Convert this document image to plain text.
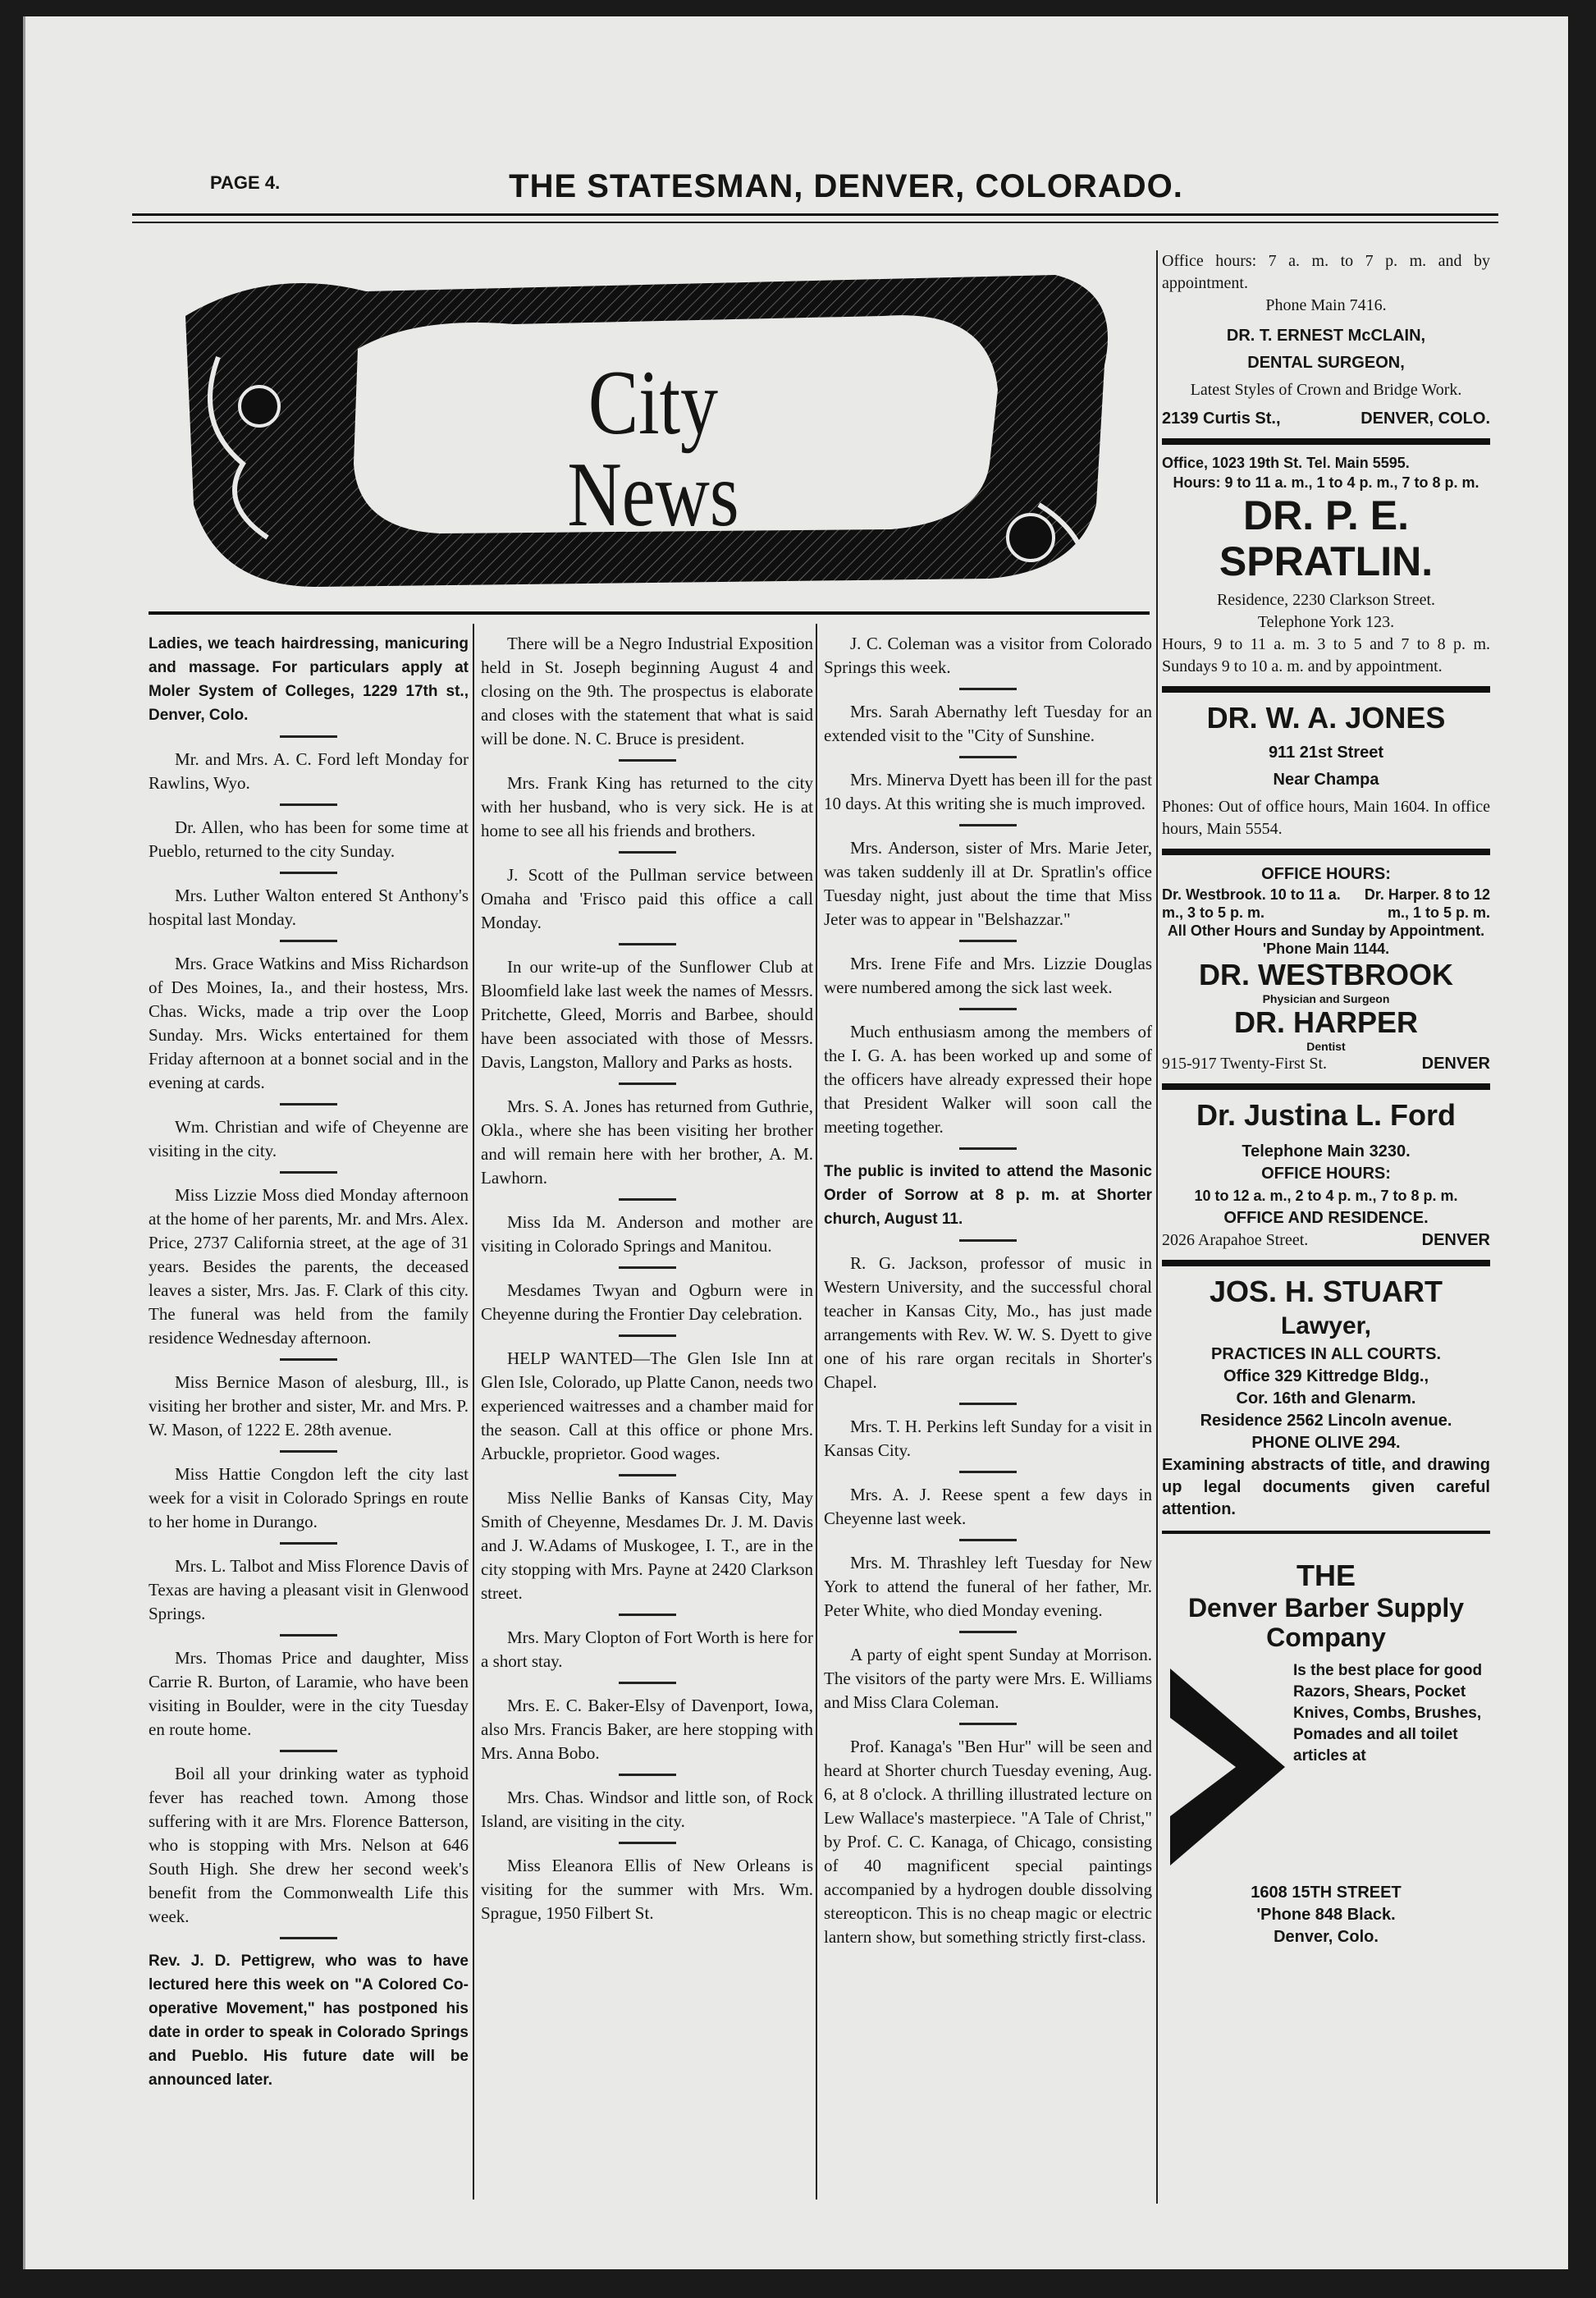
PAGE 4.	THE STATESMAN, DENVER, COLORADO.
City News

Ladies, we teach hairdressing, manicuring and massage. For particulars apply at Moler System of Colleges, 1229 17th st., Denver, Colo.

Mr. and Mrs. A. C. Ford left Monday for Rawlins, Wyo.

Dr. Allen, who has been for some time at Pueblo, returned to the city Sunday.

Mrs. Luther Walton entered St Anthony's hospital last Monday.

Mrs. Grace Watkins and Miss Richardson of Des Moines, Ia., and their hostess, Mrs. Chas. Wicks, made a trip over the Loop Sunday. Mrs. Wicks entertained for them Friday afternoon at a bonnet social and in the evening at cards.

Wm. Christian and wife of Cheyenne are visiting in the city.

Miss Lizzie Moss died Monday afternoon at the home of her parents, Mr. and Mrs. Alex. Price, 2737 California street, at the age of 31 years. Besides the parents, the deceased leaves a sister, Mrs. Jas. F. Clark of this city. The funeral was held from the family residence Wednesday afternoon.

Miss Bernice Mason of alesburg, Ill., is visiting her brother and sister, Mr. and Mrs. P. W. Mason, of 1222 E. 28th avenue.

Miss Hattie Congdon left the city last week for a visit in Colorado Springs en route to her home in Durango.

Mrs. L. Talbot and Miss Florence Davis of Texas are having a pleasant visit in Glenwood Springs.

Mrs. Thomas Price and daughter, Miss Carrie R. Burton, of Laramie, who have been visiting in Boulder, were in the city Tuesday en route home.

Boil all your drinking water as typhoid fever has reached town. Among those suffering with it are Mrs. Florence Batterson, who is stopping with Mrs. Nelson at 646 South High. She drew her second week's benefit from the Commonwealth Life this week.

Rev. J. D. Pettigrew, who was to have lectured here this week on "A Colored Co-operative Movement," has postponed his date in order to speak in Colorado Springs and Pueblo. His future date will be announced later.

There will be a Negro Industrial Exposition held in St. Joseph beginning August 4 and closing on the 9th. The prospectus is elaborate and closes with the statement that what is said will be done. N. C. Bruce is president.

Mrs. Frank King has returned to the city with her husband, who is very sick. He is at home to see all his friends and brothers.

J. Scott of the Pullman service between Omaha and 'Frisco paid this office a call Monday.

In our write-up of the Sunflower Club at Bloomfield lake last week the names of Messrs. Pritchette, Gleed, Morris and Barbee, should have been associated with those of Messrs. Davis, Langston, Mallory and Parks as hosts.

Mrs. S. A. Jones has returned from Guthrie, Okla., where she has been visiting her brother and will remain here with her brother, A. M. Lawhorn.

Miss Ida M. Anderson and mother are visiting in Colorado Springs and Manitou.

Mesdames Twyan and Ogburn were in Cheyenne during the Frontier Day celebration.

HELP WANTED—The Glen Isle Inn at Glen Isle, Colorado, up Platte Canon, needs two experienced waitresses and a chamber maid for the season. Call at this office or phone Mrs. Arbuckle, proprietor. Good wages.

Miss Nellie Banks of Kansas City, May Smith of Cheyenne, Mesdames Dr. J. M. Davis and J. W.Adams of Muskogee, I. T., are in the city stopping with Mrs. Payne at 2420 Clarkson street.

Mrs. Mary Clopton of Fort Worth is here for a short stay.

Mrs. E. C. Baker-Elsy of Davenport, Iowa, also Mrs. Francis Baker, are here stopping with Mrs. Anna Bobo.

Mrs. Chas. Windsor and little son, of Rock Island, are visiting in the city.

Miss Eleanora Ellis of New Orleans is visiting for the summer with Mrs. Wm. Sprague, 1950 Filbert St.

J. C. Coleman was a visitor from Colorado Springs this week.

Mrs. Sarah Abernathy left Tuesday for an extended visit to the "City of Sunshine.

Mrs. Minerva Dyett has been ill for the past 10 days. At this writing she is much improved.

Mrs. Anderson, sister of Mrs. Marie Jeter, was taken suddenly ill at Dr. Spratlin's office Tuesday night, just about the time that Miss Jeter was to appear in "Belshazzar."

Mrs. Irene Fife and Mrs. Lizzie Douglas were numbered among the sick last week.

Much enthusiasm among the members of the I. G. A. has been worked up and some of the officers have already expressed their hope that President Walker will soon call the meeting together.

The public is invited to attend the Masonic Order of Sorrow at 8 p. m. at Shorter church, August 11.

R. G. Jackson, professor of music in Western University, and the successful choral teacher in Kansas City, Mo., has just made arrangements with Rev. W. W. S. Dyett to give one of his rare organ recitals in Shorter's Chapel.

Mrs. T. H. Perkins left Sunday for a visit in Kansas City.

Mrs. A. J. Reese spent a few days in Cheyenne last week.

Mrs. M. Thrashley left Tuesday for New York to attend the funeral of her father, Mr. Peter White, who died Monday evening.

A party of eight spent Sunday at Morrison. The visitors of the party were Mrs. E. Williams and Miss Clara Coleman.

Prof. Kanaga's "Ben Hur" will be seen and heard at Shorter church Tuesday evening, Aug. 6, at 8 o'clock. A thrilling illustrated lecture on Lew Wallace's masterpiece. "A Tale of Christ," by Prof. C. C. Kanaga, of Chicago, consisting of 40 magnificent special paintings accompanied by a hydrogen double dissolving stereopticon. This is no cheap magic or electric lantern show, but something strictly first-class.

Office hours: 7 a. m. to 7 p. m. and by appointment.
Phone Main 7416.
DR. T. ERNEST McCLAIN,
DENTAL SURGEON,
Latest Styles of Crown and Bridge Work.
2139 Curtis St.,	DENVER, COLO.
Office, 1023 19th St. Tel. Main 5595.
Hours: 9 to 11 a. m., 1 to 4 p. m., 7 to 8 p. m.
DR. P. E.
SPRATLIN.
Residence, 2230 Clarkson Street.
Telephone York 123.
Hours, 9 to 11 a. m. 3 to 5 and 7 to 8 p. m. Sundays 9 to 10 a. m. and by appointment.
DR. W. A. JONES
911 21st Street
Near Champa
Phones: Out of office hours, Main 1604. In office hours, Main 5554.
OFFICE HOURS:
Dr. Westbrook. 10 to 11 a. m., 3 to 5 p. m.
Dr. Harper. 8 to 12 m., 1 to 5 p. m.
All Other Hours and Sunday by Appointment. 'Phone Main 1144.
DR. WESTBROOK
Physician and Surgeon
DR. HARPER
Dentist
915-917 Twenty-First St.	DENVER
Dr. Justina L. Ford
Telephone Main 3230.
OFFICE HOURS:
10 to 12 a. m., 2 to 4 p. m., 7 to 8 p. m.
OFFICE AND RESIDENCE.
2026 Arapahoe Street.	DENVER
JOS. H. STUART
Lawyer,
PRACTICES IN ALL COURTS.
Office 329 Kittredge Bldg.,
Cor. 16th and Glenarm.
Residence 2562 Lincoln avenue.
PHONE OLIVE 294.
Examining abstracts of title, and drawing up legal documents given careful attention.
THE
Denver Barber Supply
Company
Is the best place for good Razors, Shears, Pocket Knives, Combs, Brushes, Pomades and all toilet articles at
1608 15TH STREET
'Phone 848 Black.
Denver, Colo.
